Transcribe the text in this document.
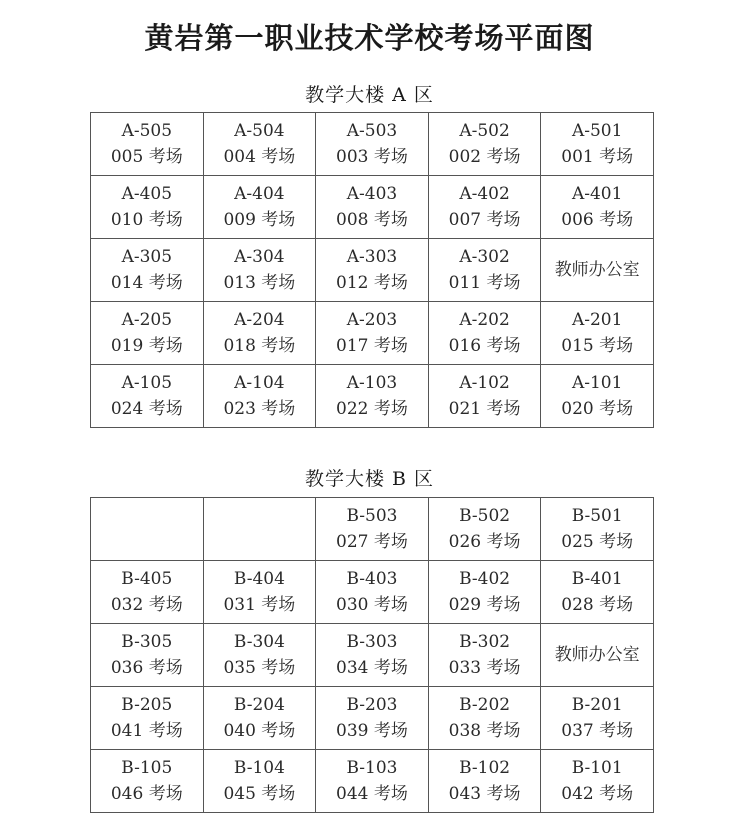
黄岩第一职业技术学校考场平面图
教学大楼 A 区
A-505
005 考场	A-504
004 考场	A-503
003 考场	A-502
002 考场	A-501
001 考场

A-405
010 考场	A-404
009 考场	A-403
008 考场	A-402
007 考场	A-401
006 考场

A-305
014 考场	A-304
013 考场	A-303
012 考场	A-302
011 考场	教师办公室

A-205
019 考场	A-204
018 考场	A-203
017 考场	A-202
016 考场	A-201
015 考场

A-105
024 考场	A-104
023 考场	A-103
022 考场	A-102
021 考场	A-101
020 考场
教学大楼 B 区

		B-503
027 考场	B-502
026 考场	B-501
025 考场

B-405
032 考场	B-404
031 考场	B-403
030 考场	B-402
029 考场	B-401
028 考场

B-305
036 考场	B-304
035 考场	B-303
034 考场	B-302
033 考场	教师办公室

B-205
041 考场	B-204
040 考场	B-203
039 考场	B-202
038 考场	B-201
037 考场

B-105
046 考场	B-104
045 考场	B-103
044 考场	B-102
043 考场	B-101
042 考场
